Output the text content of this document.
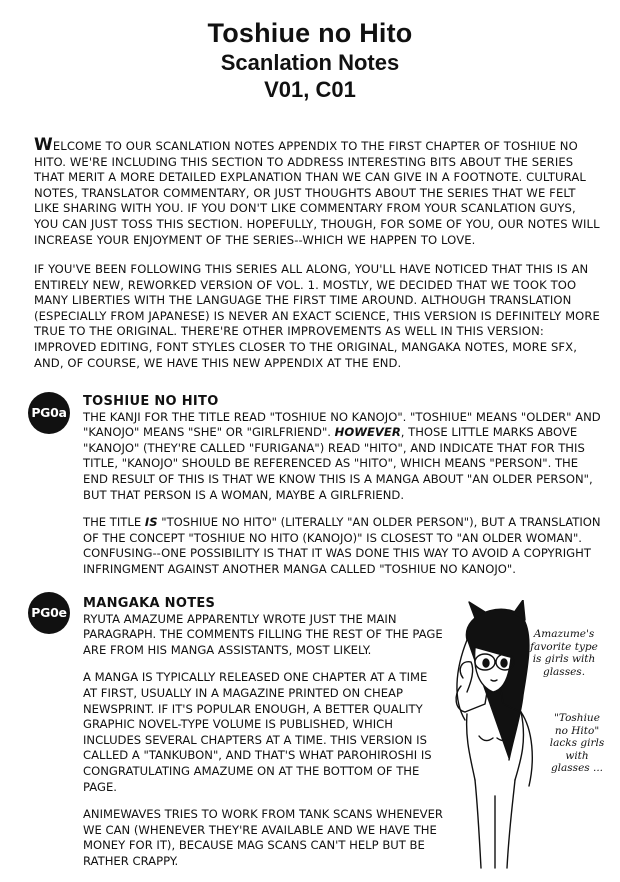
Toshiue no Hito
Scanlation Notes
V01, C01
WELCOME TO OUR SCANLATION NOTES APPENDIX TO THE FIRST CHAPTER OF TOSHIUE NO HITO. WE'RE INCLUDING THIS SECTION TO ADDRESS INTERESTING BITS ABOUT THE SERIES THAT MERIT A MORE DETAILED EXPLANATION THAN WE CAN GIVE IN A FOOTNOTE. CULTURAL NOTES, TRANSLATOR COMMENTARY, OR JUST THOUGHTS ABOUT THE SERIES THAT WE FELT LIKE SHARING WITH YOU. IF YOU DON'T LIKE COMMENTARY FROM YOUR SCANLATION GUYS, YOU CAN JUST TOSS THIS SECTION. HOPEFULLY, THOUGH, FOR SOME OF YOU, OUR NOTES WILL INCREASE YOUR ENJOYMENT OF THE SERIES--WHICH WE HAPPEN TO LOVE.
IF YOU'VE BEEN FOLLOWING THIS SERIES ALL ALONG, YOU'LL HAVE NOTICED THAT THIS IS AN ENTIRELY NEW, REWORKED VERSION OF VOL. 1. MOSTLY, WE DECIDED THAT WE TOOK TOO MANY LIBERTIES WITH THE LANGUAGE THE FIRST TIME AROUND. ALTHOUGH TRANSLATION (ESPECIALLY FROM JAPANESE) IS NEVER AN EXACT SCIENCE, THIS VERSION IS DEFINITELY MORE TRUE TO THE ORIGINAL. THERE'RE OTHER IMPROVEMENTS AS WELL IN THIS VERSION: IMPROVED EDITING, FONT STYLES CLOSER TO THE ORIGINAL, MANGAKA NOTES, MORE SFX, AND, OF COURSE, WE HAVE THIS NEW APPENDIX AT THE END.
PG0a
TOSHIUE NO HITO

THE KANJI FOR THE TITLE READ "TOSHIUE NO KANOJO". "TOSHIUE" MEANS "OLDER" AND "KANOJO" MEANS "SHE" OR "GIRLFRIEND". HOWEVER, THOSE LITTLE MARKS ABOVE "KANOJO" (THEY'RE CALLED "FURIGANA") READ "HITO", AND INDICATE THAT FOR THIS TITLE, "KANOJO" SHOULD BE REFERENCED AS "HITO", WHICH MEANS "PERSON". THE END RESULT OF THIS IS THAT WE KNOW THIS IS A MANGA ABOUT "AN OLDER PERSON", BUT THAT PERSON IS A WOMAN, MAYBE A GIRLFRIEND.

THE TITLE IS "TOSHIUE NO HITO" (LITERALLY "AN OLDER PERSON"), BUT A TRANSLATION OF THE CONCEPT "TOSHIUE NO HITO (KANOJO)" IS CLOSEST TO "AN OLDER WOMAN". CONFUSING--ONE POSSIBILITY IS THAT IT WAS DONE THIS WAY TO AVOID A COPYRIGHT INFRINGMENT AGAINST ANOTHER MANGA CALLED "TOSHIUE NO KANOJO".

PG0e
MANGAKA NOTES

RYUTA AMAZUME APPARENTLY WROTE JUST THE MAIN PARAGRAPH. THE COMMENTS FILLING THE REST OF THE PAGE ARE FROM HIS MANGA ASSISTANTS, MOST LIKELY.

A MANGA IS TYPICALLY RELEASED ONE CHAPTER AT A TIME AT FIRST, USUALLY IN A MAGAZINE PRINTED ON CHEAP NEWSPRINT. IF IT'S POPULAR ENOUGH, A BETTER QUALITY GRAPHIC NOVEL-TYPE VOLUME IS PUBLISHED, WHICH INCLUDES SEVERAL CHAPTERS AT A TIME. THIS VERSION IS CALLED A "TANKUBON", AND THAT'S WHAT PAROHIROSHI IS CONGRATULATING AMAZUME ON AT THE BOTTOM OF THE PAGE.

ANIMEWAVES TRIES TO WORK FROM TANK SCANS WHENEVER WE CAN (WHENEVER THEY'RE AVAILABLE AND WE HAVE THE MONEY FOR IT), BECAUSE MAG SCANS CAN'T HELP BUT BE RATHER CRAPPY.

Amazume's favorite type is girls with glasses.
"Toshiue no Hito" lacks girls with glasses ...
